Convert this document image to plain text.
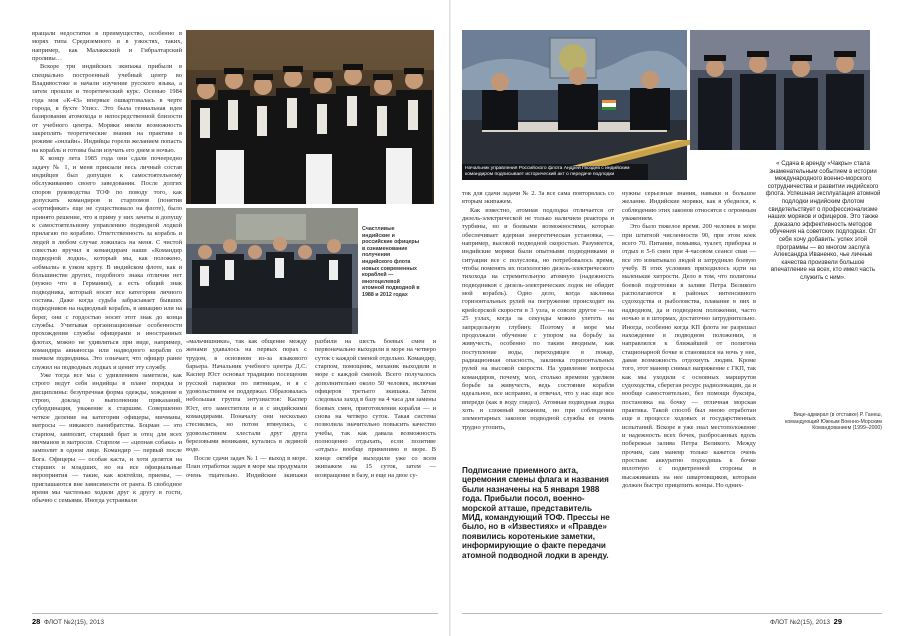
вращали недостатки в преимущество, особенно в морях типа Средиземного и в узкостях, таких, например, как Малаккский и Гибралтарский проливы…

Вскоре три индийских экипажа прибыли в специально построенный учебный центр во Владивостоке и начали изучение русского языка, а затем прошли и теоретический курс. Осенью 1984 года моя «К-43» впервые ошвартовалась в черте города, в бухте Улисс. Это была гениальная идея базирования атомохода в непосредственной близости от учебного центра. Моряки имели возможность закреплять теоретические знания на практике в режиме «онлайн». Индийцы горели желанием попасть на корабль и готовы были изучать его днем и ночью.

К концу лета 1985 года они сдали почеередно задачу № 1, и меня прикзали весь личный состав индийцев был допущен к самостоятельному обслуживанию своего заведования. После долгих споров руководства ТОФ по поводу того, как допускать командиров и старпомов (понятия «сертификат» еще не существовало на флоте), было принято решение, что я приму у них зачеты и допущу к самостоятельному управлению подводной лодкой прилагаю по кораблю. Ответственность за корабль и людей в любом случае ложилась на меня. С чистой совестью вручил я командирам наши «Командир подводной лодки», который мы, как положено, «обмыли» в узком кругу. В индийском флоте, как и большинстве других, подобного знака отличия нет (нужно что в Германии), а есть общий знак подводника, который носят все категории личного состава. Даже когда судьба забрасывает бывших подводников на надводный корабль, в авиацию или на берег, они с гордостью носят этот знак до конца службы. Учитывая организационные особенности прохождения службы офицерами и иностранных флотах, можно не удивляться при виде, например, командира авианосца или надводного корабля со значком подводника. Это означает, что офицер ранее служил на подводных лодках и ценит эту службу.

Уже тогда все мы с удивлением заметили, как строго ведут себя индийцы в плане порядка и дисциплины: безупречная форма одежды, хождение в строю, доклад о выполнении приказаний, субординация, уважение к старшим. Совершенно четкое деление на категории офицеры, мичманы, матросы — никакого панибратства. Боцман — это старпом, замполит, старший брат и отец для всех мичманов и матросов. Старпом — «цепная собака» и замполит в одном лице. Командир — первый после Бога. Офицеры — особая каста, и хотя делятся на старших и младших, но на все официальные мероприятия — такие, как коктейли, приемы, — приглашаются вне зависимости от ранга. В свободное время мы частенько ходили друг к другу в гости, обычно с семьями. Иногда устраивали

Счастливые индийские и российские офицеры в ознаменование получения индийского флота новых современных кораблей — многоцелевой атомной подводной в 1988 и 2012 годах

«мальчишники», так как общение между женами удавалось на первых порах с трудом, в основном из-за языкового барьера. Начальник учебного центра Д.С. Каспер Юст основал традицию посещения русской парилки по пятницам, и я с удовольствием ее поддержал. Образовалась небольшая группа энтузиастов: Каспер Юст, его заместители и я с индийскими командирами. Поначалу они несколько стеснялись, но потом втянулись, с удовольствием хлестали друг друга березовыми вениками, кутались в ледяной воде.

После сдачи задач № 1 — выход в море. План отработки задач в море мы продумали очень тщательно. Индийские экипажи разбили на шесть боевых смен и первоначально выходили в море на четверо суток с каждой сменой отдельно. Командир, старпом, помощник, механик выходили в море с каждой сменой. Всего получалось дополнительно около 50 человек, включая офицеров третьего экипажа. Затем следовала заход в базу на 4 часа для замены боевых смен, приготовления корабля — и снова на четверо суток. Такая система позволила значительно повысить качество учебы, так как давала возможность полноценно отдыхать, если позитиве «отдых» вообще применимо в море. В конце октября выходили уже со всем экипажем на 15 суток, затем — возвращение в базу, и еще на двое су-

28 ФЛОТ №2(15), 2013
Начальник управления Российского флота Андрей Гвоздев с индийским командиром подписывает исторический акт о передаче подлодки

ток для сдачи задачи № 2. За все сама повторялась со вторым экипажем.

Как известно, атомная подлодка отличается от дизель-электрической не только наличием реактора и турбины, но и боевыми возможностями, которые обеспечивает ядерная энергетическая установка, — например, высокой подводной скоростью. Разумеется, индийские моряки были опытными подводниками и ситуации все с полуслова, но потребовалось время, чтобы поменять их психологию дизель-электрического тихохода на стремительную атомную (надежность подводников с дизель-электрических лодок не обидит мой корабль). Одно дело, когда заклинка горизонтальных рулей на погружение происходит на крейсерской скорости в 3 узла, и совсем другое — на 25 узлах, когда за секунды можно улететь на запредельную глубину. Поэтому в море мы продолжали обучение с упором на борьбу за живучесть, особенно по таким вводным, как поступление воды, переходящее в пожар, радиационная опасность, заклинка горизонтальных рулей на высокой скорости. На удивление вопросы командиров, почему, мол, столько времени уделяем борьбе за живучесть, ведь состояние корабля идеальное, все исправно, я отвечал, что у нас еще все впереди (как в воду глядел). Атомная подводная лодка хоть и сложный механизм, но при соблюдении элементарных законов подводной службы ее очень трудно утопить,

Подписание приемного акта, церемония смены флага и названия были назначены на 5 января 1988 года. Прибыли посол, военно-морской атташе, представитель МИД, командующий ТОФ. Прессы не было, но в «Известиях» и «Правде» появились коротенькие заметки, информирующие о факте передачи атомной подводной лодки в аренду.

нужны серьезные знания, навыки и большое желание. Индийские моряки, как я убедился, к соблюдению этих законов относятся с огромным уважением.

Это было тяжелое время. 200 человек в море при штатной численности 90, при этом коек всего 70. Питание, помывка, туалет, приборка и отдых в 5-6 смен при 4-часовом сеансе сваи — все это изматывало людей и затрудняло боевую учебу. В этих условиях приходилось идти на маленькие хитрости. Дело в том, что полигоны боевой подготовки в заливе Петра Великого располагаются в районах интенсивного судоходства и рыболовства, плавание в них в надводном, да и подводном положении, часто ночью и в штормах, достаточно затруднительно. Иногда, особенно когда КП флота не разрешал нахождение в подводном положении, я направлялся к ближайшей от полигона стационарной бочке и становился на ночь у нее, давая возможность отдохнуть людям. Кроме того, этот маневр снимал напряжение с ГКП, так как мы уходили с основных маршрутов судоходства, сберегая ресурс радиолокации, да и вообще самостоятельно, без помощи буксира, постановка на бочку — отличная морская практика. Такой способ был мною отработан еще в процессе ходовых и государственных испытаний. Вскоре я уже знал местоположение и надежность всех бочек, разбросанных вдоль побережья залива Петра Великого. Между прочим, сам маневр только кажется очень простым: аккуратно подходишь к бочке вплотную с подветренной стороны и высаживаешь на нее швартовщиков, которым должен быстро прицепить концы. Но одних-

« Сдача в аренду «Чакры» стала знаменательным событием в истории международного военно-морского сотрудничества и развитии индийского флота. Успешная эксплуатация атомной подлодки индийским флотом свидетельствует о профессионализме наших моряков и офицеров. Это также доказало эффективность методов обучения на советских подлодках. От себя хочу добавить: успех этой программы — во многом заслуга Александра Иваненко, чье личные качества произвели большое впечатление на всех, кто имел часть служить с ним».
Вице-адмирал (в отставке) Р. Ганеш, командующий Южным Военно-Морским Командованием (1999–2000)
ФЛОТ №2(15), 2013 29
